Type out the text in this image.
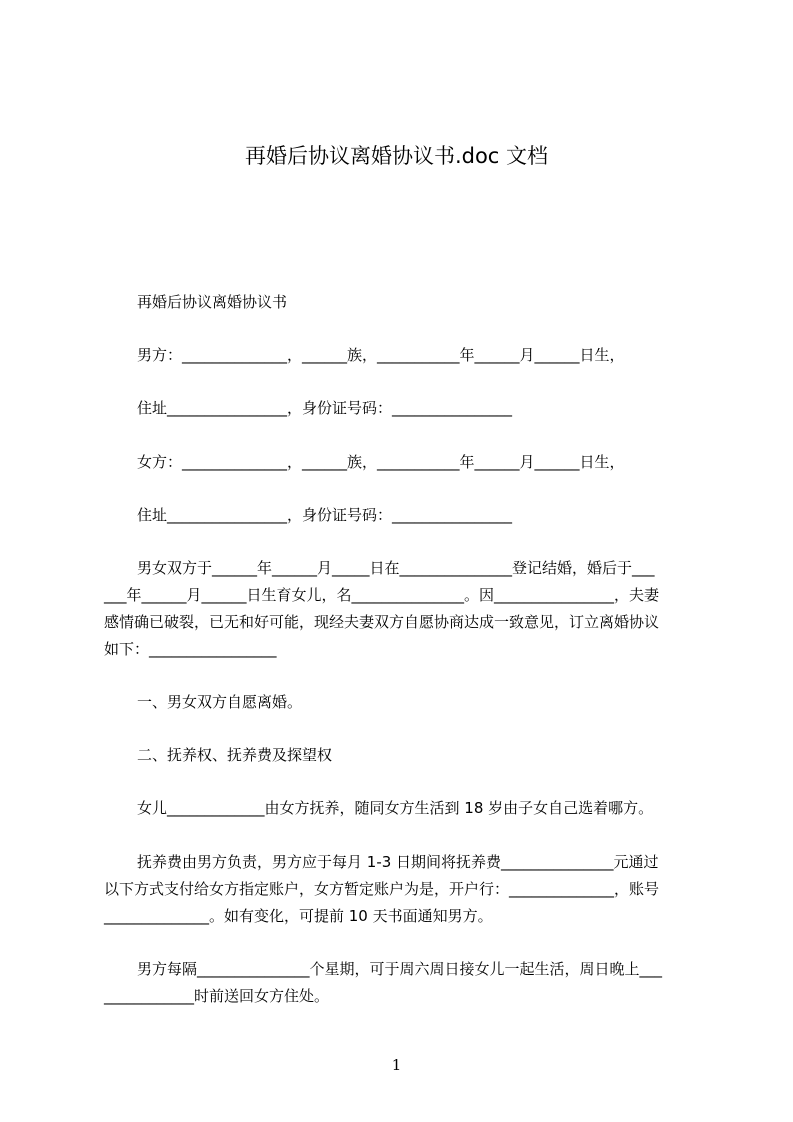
再婚后协议离婚协议书.doc 文档
再婚后协议离婚协议书
男方：______________，______族，___________年______月______日生，
住址________________，身份证号码：________________
女方：______________，______族，___________年______月______日生，
住址________________，身份证号码：________________
男女双方于______年______月_____日在_______________登记结婚，婚后于___
___年______月______日生育女儿，名_______________。因________________，夫妻
感情确已破裂，已无和好可能，现经夫妻双方自愿协商达成一致意见，订立离婚协议
如下：_________________
一、男女双方自愿离婚。
二、抚养权、抚养费及探望权
女儿_____________由女方抚养，随同女方生活到 18 岁由子女自己选着哪方。
抚养费由男方负责，男方应于每月 1-3 日期间将抚养费_______________元通过
以下方式支付给女方指定账户，女方暂定账户为是，开户行：______________，账号
______________。如有变化，可提前 10 天书面通知男方。
男方每隔_______________个星期，可于周六周日接女儿一起生活，周日晚上___
____________时前送回女方住处。
1
